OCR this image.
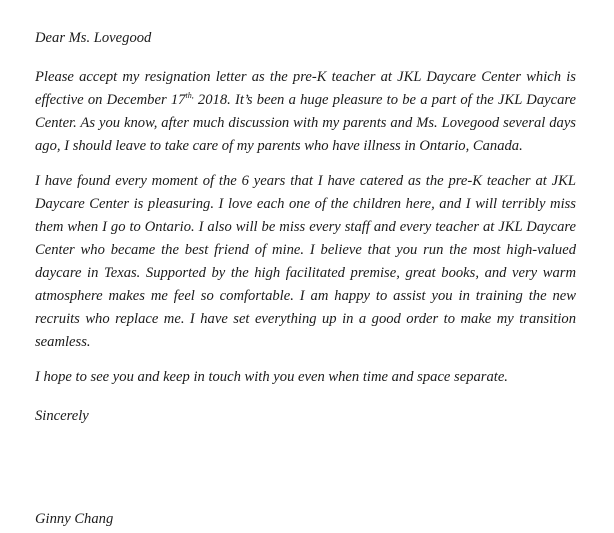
Dear Ms. Lovegood

Please accept my resignation letter as the pre-K teacher at JKL Daycare Center which is effective on December $17^{th,}$ 2018. It’s been a huge pleasure to be a part of the JKL Daycare Center. As you know, after much discussion with my parents and Ms. Lovegood several days ago, I should leave to take care of my parents who have illness in Ontario, Canada.

I have found every moment of the 6 years that I have catered as the pre-K teacher at JKL Daycare Center is pleasuring. I love each one of the children here, and I will terribly miss them when I go to Ontario. I also will be miss every staff and every teacher at JKL Daycare Center who became the best friend of mine. I believe that you run the most high-valued daycare in Texas. Supported by the high facilitated premise, great books, and very warm atmosphere makes me feel so comfortable. I am happy to assist you in training the new recruits who replace me. I have set everything up in a good order to make my transition seamless.

I hope to see you and keep in touch with you even when time and space separate.

Sincerely

Ginny Chang
